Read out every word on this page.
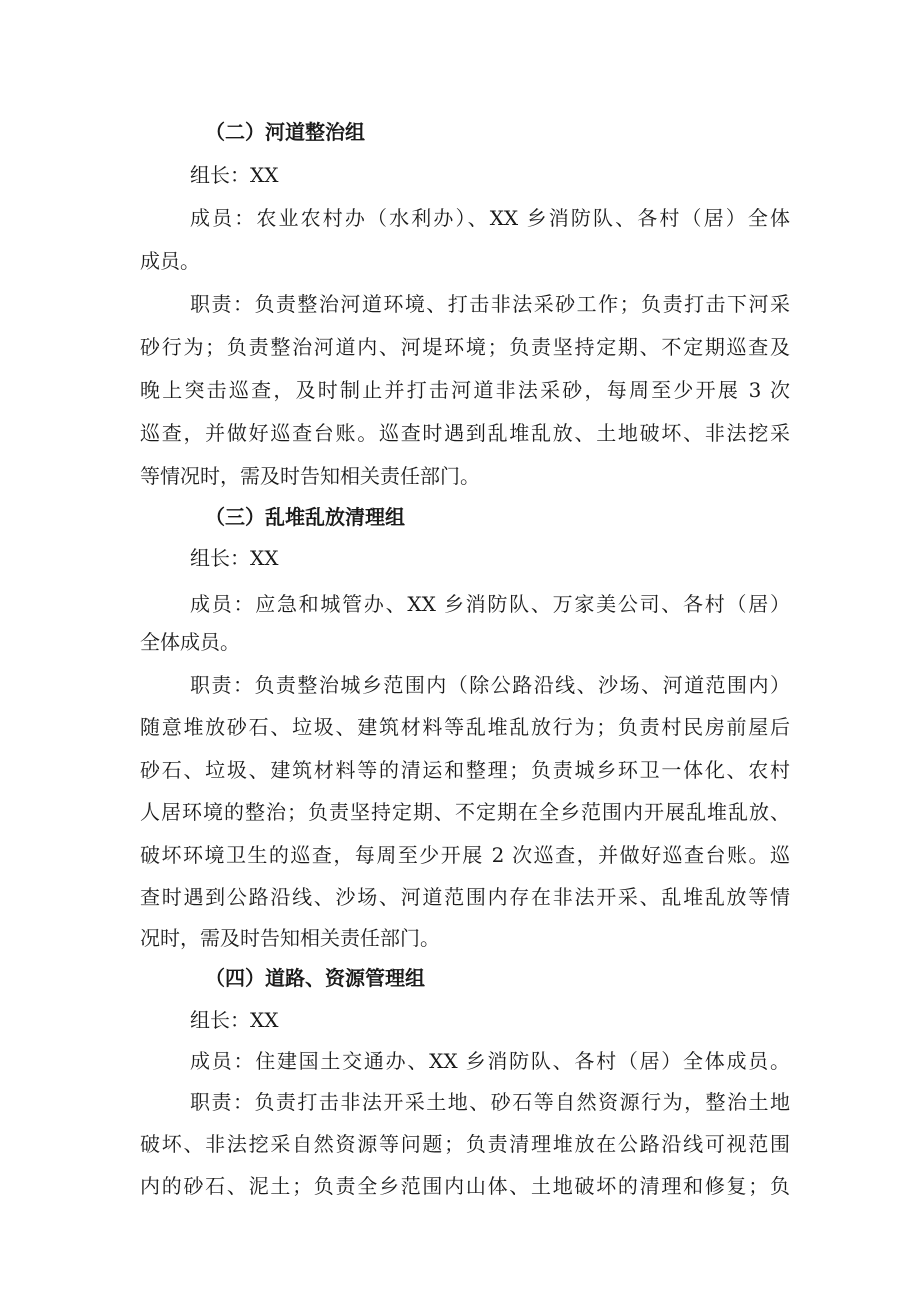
（二）河道整治组
组长：XX
成员：农业农村办（水利办）、XX 乡消防队、各村（居）全体
成员。
职责：负责整治河道环境、打击非法采砂工作；负责打击下河采
砂行为；负责整治河道内、河堤环境；负责坚持定期、不定期巡查及
晚上突击巡查，及时制止并打击河道非法采砂，每周至少开展 3 次
巡查，并做好巡查台账。巡查时遇到乱堆乱放、土地破坏、非法挖采
等情况时，需及时告知相关责任部门。
（三）乱堆乱放清理组
组长：XX
成员：应急和城管办、XX 乡消防队、万家美公司、各村（居）
全体成员。
职责：负责整治城乡范围内（除公路沿线、沙场、河道范围内）
随意堆放砂石、垃圾、建筑材料等乱堆乱放行为；负责村民房前屋后
砂石、垃圾、建筑材料等的清运和整理；负责城乡环卫一体化、农村
人居环境的整治；负责坚持定期、不定期在全乡范围内开展乱堆乱放、
破坏环境卫生的巡查，每周至少开展 2 次巡查，并做好巡查台账。巡
查时遇到公路沿线、沙场、河道范围内存在非法开采、乱堆乱放等情
况时，需及时告知相关责任部门。
（四）道路、资源管理组
组长：XX
成员：住建国土交通办、XX 乡消防队、各村（居）全体成员。
职责：负责打击非法开采土地、砂石等自然资源行为，整治土地
破坏、非法挖采自然资源等问题；负责清理堆放在公路沿线可视范围
内的砂石、泥土；负责全乡范围内山体、土地破坏的清理和修复；负
